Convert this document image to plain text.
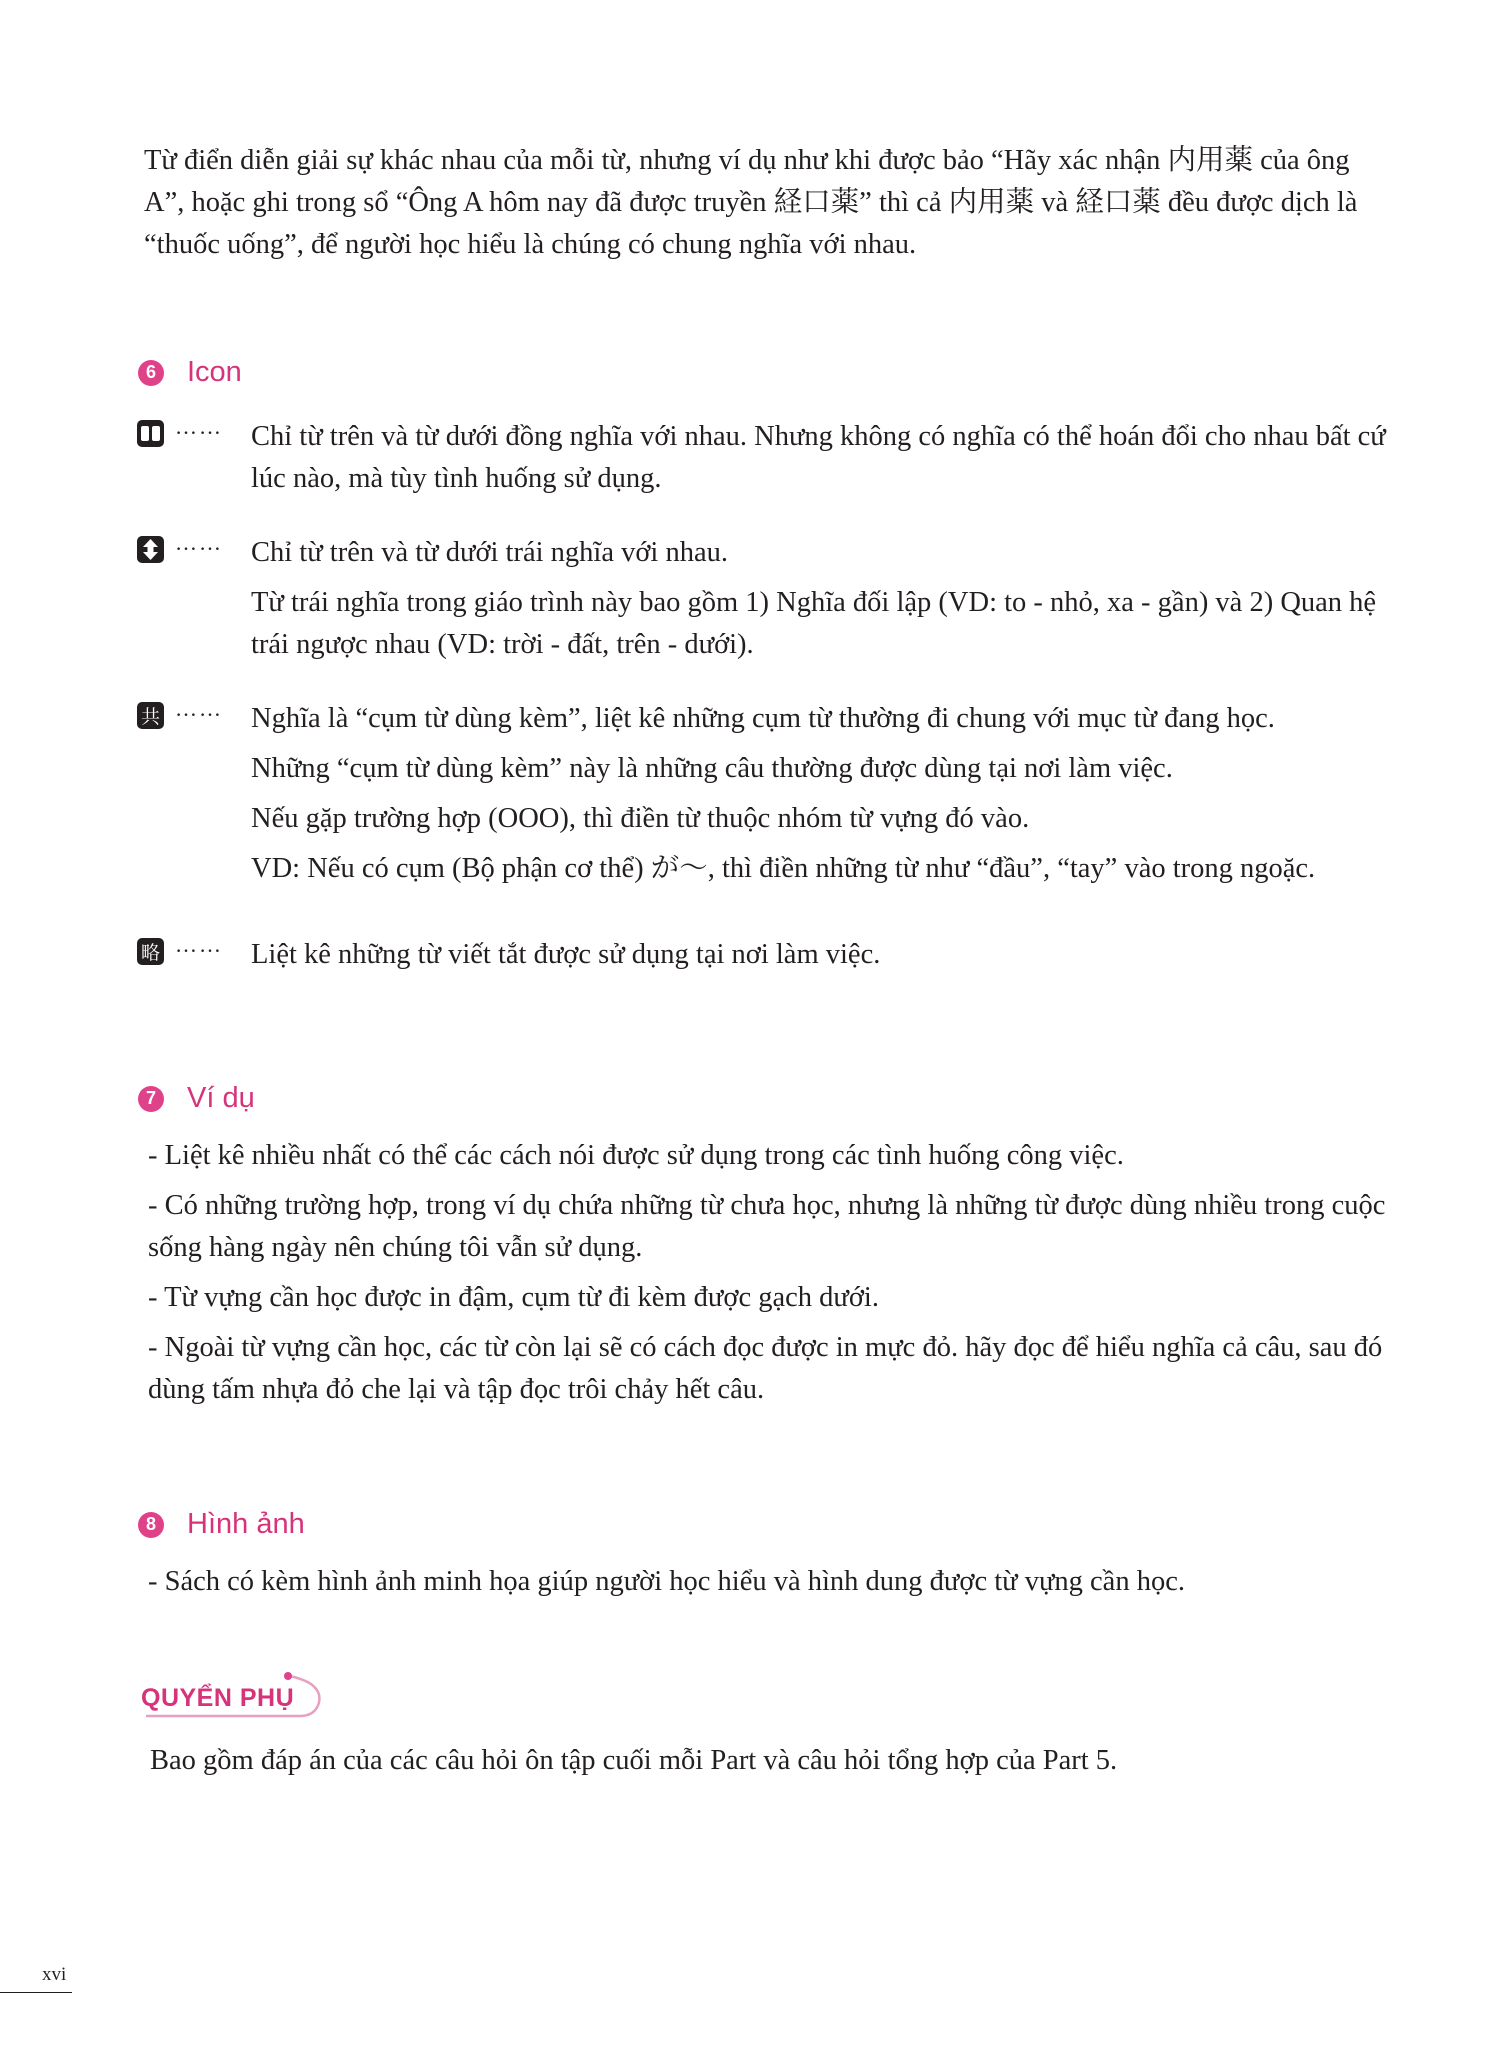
Từ điển diễn giải sự khác nhau của mỗi từ, nhưng ví dụ như khi được bảo “Hãy xác nhận 内用薬 của ông A”, hoặc ghi trong sổ “Ông A hôm nay đã được truyền 経口薬” thì cả 内用薬 và 経口薬 đều được dịch là “thuốc uống”, để người học hiểu là chúng có chung nghĩa với nhau.

6 Icon
…… Chỉ từ trên và từ dưới đồng nghĩa với nhau. Nhưng không có nghĩa có thể hoán đổi cho nhau bất cứ lúc nào, mà tùy tình huống sử dụng.

…… Chỉ từ trên và từ dưới trái nghĩa với nhau.

Từ trái nghĩa trong giáo trình này bao gồm 1) Nghĩa đối lập (VD: to - nhỏ, xa - gần) và 2) Quan hệ trái ngược nhau (VD: trời - đất, trên - dưới).

共 …… Nghĩa là “cụm từ dùng kèm”, liệt kê những cụm từ thường đi chung với mục từ đang học.

Những “cụm từ dùng kèm” này là những câu thường được dùng tại nơi làm việc.

Nếu gặp trường hợp (OOO), thì điền từ thuộc nhóm từ vựng đó vào.

VD: Nếu có cụm (Bộ phận cơ thể) が～, thì điền những từ như “đầu”, “tay” vào trong ngoặc.

略 …… Liệt kê những từ viết tắt được sử dụng tại nơi làm việc.

7 Ví dụ

- Liệt kê nhiều nhất có thể các cách nói được sử dụng trong các tình huống công việc.

- Có những trường hợp, trong ví dụ chứa những từ chưa học, nhưng là những từ được dùng nhiều trong cuộc sống hàng ngày nên chúng tôi vẫn sử dụng.

- Từ vựng cần học được in đậm, cụm từ đi kèm được gạch dưới.

- Ngoài từ vựng cần học, các từ còn lại sẽ có cách đọc được in mực đỏ. hãy đọc để hiểu nghĩa cả câu, sau đó dùng tấm nhựa đỏ che lại và tập đọc trôi chảy hết câu.

8 Hình ảnh

- Sách có kèm hình ảnh minh họa giúp người học hiểu và hình dung được từ vựng cần học.

QUYỂN PHỤ

Bao gồm đáp án của các câu hỏi ôn tập cuối mỗi Part và câu hỏi tổng hợp của Part 5.

xvi
